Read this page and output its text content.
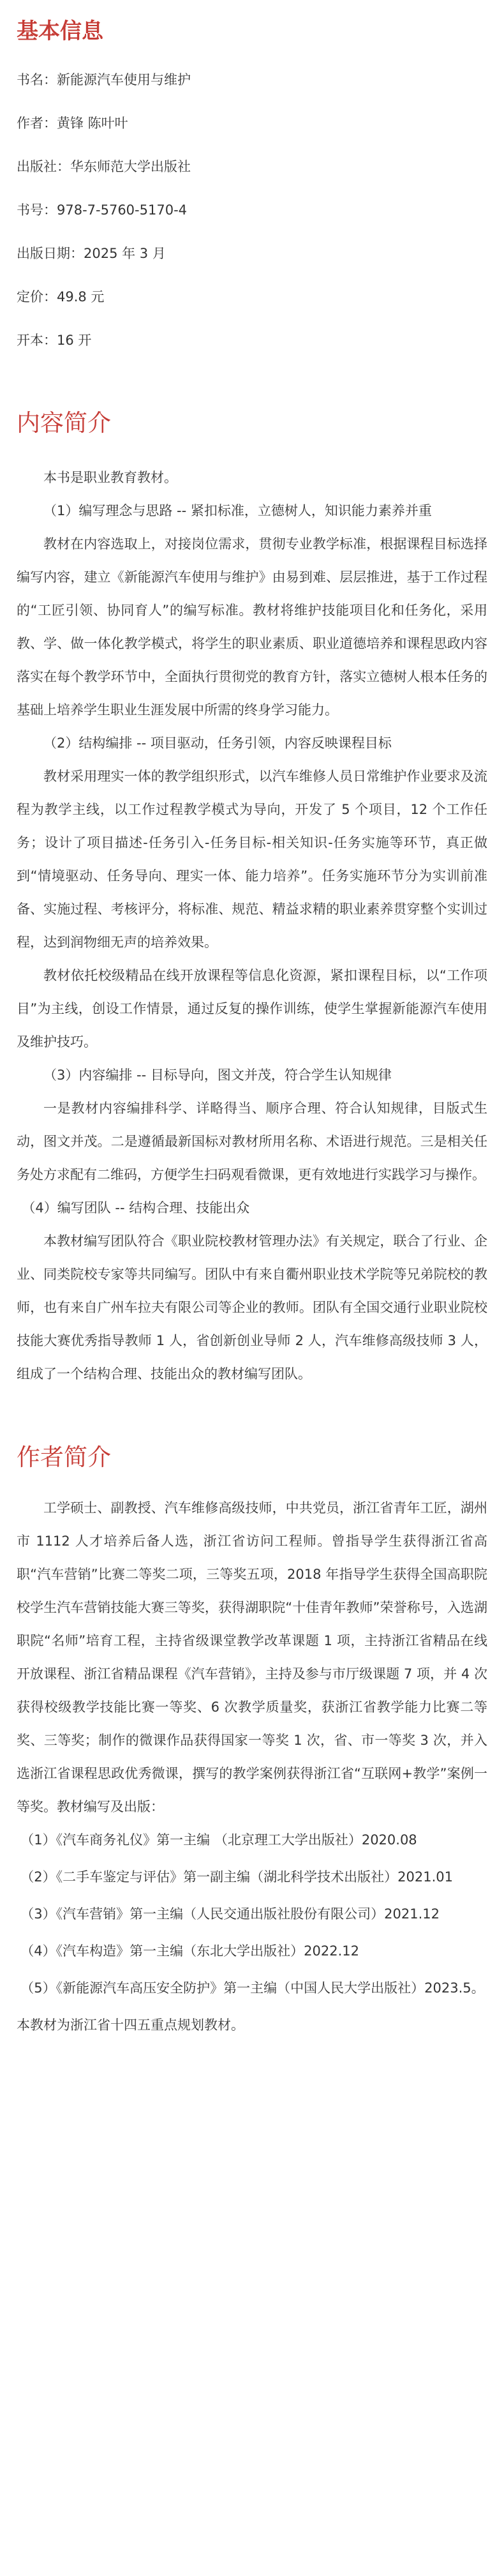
基本信息
书名：新能源汽车使用与维护
作者：黄锋 陈叶叶
出版社：华东师范大学出版社
书号：978-7-5760-5170-4
出版日期：2025 年 3 月
定价：49.8 元
开本：16 开
内容简介

本书是职业教育教材。

（1）编写理念与思路 -- 紧扣标准，立德树人，知识能力素养并重

教材在内容选取上，对接岗位需求，贯彻专业教学标准，根据课程目标选择编写内容，建立《新能源汽车使用与维护》由易到难、层层推进，基于工作过程的“工匠引领、协同育人”的编写标准。教材将维护技能项目化和任务化，采用教、学、做一体化教学模式，将学生的职业素质、职业道德培养和课程思政内容落实在每个教学环节中，全面执行贯彻党的教育方针，落实立德树人根本任务的基础上培养学生职业生涯发展中所需的终身学习能力。

（2）结构编排 -- 项目驱动，任务引领，内容反映课程目标

教材采用理实一体的教学组织形式，以汽车维修人员日常维护作业要求及流程为教学主线，以工作过程教学模式为导向，开发了 5 个项目，12 个工作任务；设计了项目描述-任务引入-任务目标-相关知识-任务实施等环节，真正做到“情境驱动、任务导向、理实一体、能力培养”。任务实施环节分为实训前准备、实施过程、考核评分，将标准、规范、精益求精的职业素养贯穿整个实训过程，达到润物细无声的培养效果。

教材依托校级精品在线开放课程等信息化资源，紧扣课程目标，以“工作项目”为主线，创设工作情景，通过反复的操作训练，使学生掌握新能源汽车使用及维护技巧。

（3）内容编排 -- 目标导向，图文并茂，符合学生认知规律

一是教材内容编排科学、详略得当、顺序合理、符合认知规律，目版式生动，图文并茂。二是遵循最新国标对教材所用名称、术语进行规范。三是相关任务处方求配有二维码，方便学生扫码观看微课，更有效地进行实践学习与操作。

（4）编写团队 -- 结构合理、技能出众

本教材编写团队符合《职业院校教材管理办法》有关规定，联合了行业、企业、同类院校专家等共同编写。团队中有来自衢州职业技术学院等兄弟院校的教师，也有来自广州车拉夫有限公司等企业的教师。团队有全国交通行业职业院校技能大赛优秀指导教师 1 人，省创新创业导师 2 人，汽车维修高级技师 3 人，组成了一个结构合理、技能出众的教材编写团队。

作者简介

工学硕士、副教授、汽车维修高级技师，中共党员，浙江省青年工匠，湖州市 1112 人才培养后备人选，浙江省访问工程师。曾指导学生获得浙江省高职“汽车营销”比赛二等奖二项，三等奖五项，2018 年指导学生获得全国高职院校学生汽车营销技能大赛三等奖，获得湖职院“十佳青年教师”荣誉称号，入选湖职院“名师”培育工程，主持省级课堂教学改革课题 1 项，主持浙江省精品在线开放课程、浙江省精品课程《汽车营销》，主持及参与市厅级课题 7 项，并 4 次获得校级教学技能比赛一等奖、6 次教学质量奖，获浙江省教学能力比赛二等奖、三等奖；制作的微课作品获得国家一等奖 1 次，省、市一等奖 3 次，并入选浙江省课程思政优秀微课，撰写的教学案例获得浙江省“互联网+教学”案例一等奖。教材编写及出版：

（1）《汽车商务礼仪》第一主编 （北京理工大学出版社）2020.08

（2）《二手车鉴定与评估》第一副主编（湖北科学技术出版社）2021.01

（3）《汽车营销》第一主编（人民交通出版社股份有限公司）2021.12

（4）《汽车构造》第一主编（东北大学出版社）2022.12

（5）《新能源汽车高压安全防护》第一主编（中国人民大学出版社）2023.5。

本教材为浙江省十四五重点规划教材。
